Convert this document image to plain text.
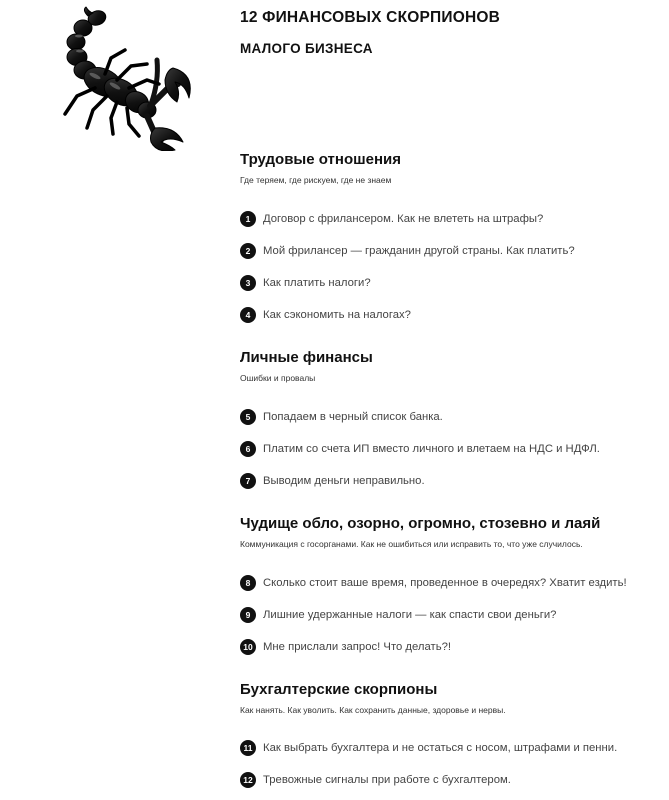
12 ФИНАНСОВЫХ СКОРПИОНОВ
МАЛОГО БИЗНЕСА
Трудовые отношения
Где теряем, где рискуем, где не знаем
1	Договор с фрилансером. Как не влететь на штрафы?
2	Мой фрилансер — гражданин другой страны. Как платить?
3	Как платить налоги?
4	Как сэкономить на налогах?
Личные финансы
Ошибки и провалы
5	Попадаем в черный список банка.
6	Платим со счета ИП вместо личного и влетаем на НДС и НДФЛ.
7	Выводим деньги неправильно.
Чудище обло, озорно, огромно, стозевно и лаяй
Коммуникация с госорганами. Как не ошибиться или исправить то, что уже случилось.
8	Сколько стоит ваше время, проведенное в очередях? Хватит ездить!
9	Лишние удержанные налоги — как спасти свои деньги?
10 Мне прислали запрос! Что делать?!
Бухгалтерские скорпионы
Как нанять. Как уволить. Как сохранить данные, здоровье и нервы.
11 Как выбрать бухгалтера и не остаться с носом, штрафами и пенни.
12 Тревожные сигналы при работе с бухгалтером.
